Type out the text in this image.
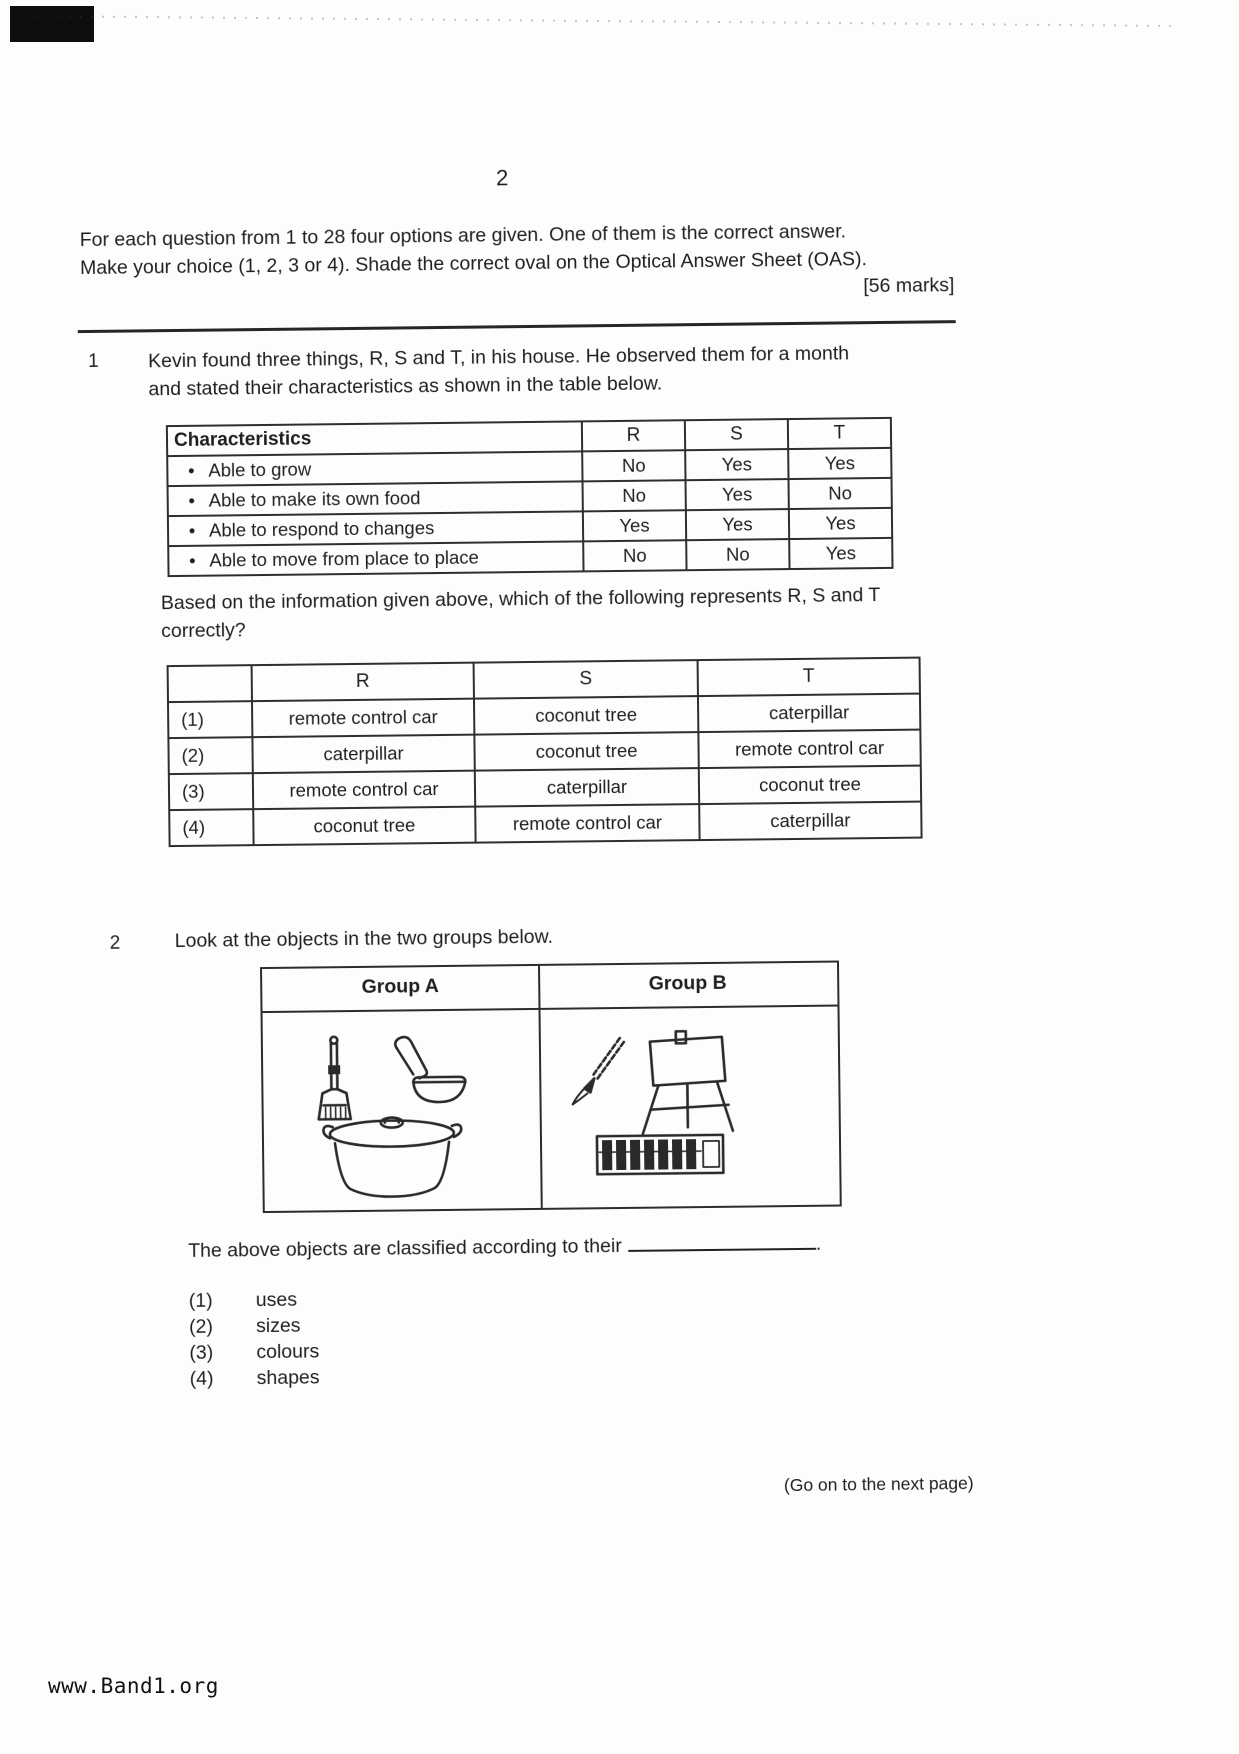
2
For each question from 1 to 28 four options are given. One of them is the correct answer.
Make your choice (1, 2, 3 or 4). Shade the correct oval on the Optical Answer Sheet (OAS).
[56 marks]
1	Kevin found three things, R, S and T, in his house. He observed them for a month
and stated their characteristics as shown in the table below.
Characteristics	R	S	T
• Able to grow	No	Yes	Yes
• Able to make its own food	No	Yes	No
• Able to respond to changes	Yes	Yes	Yes
• Able to move from place to place	No	No	Yes
Based on the information given above, which of the following represents R, S and T
correctly?
	R	S	T
(1)	remote control car	coconut tree	caterpillar
(2)	caterpillar	coconut tree	remote control car
(3)	remote control car	caterpillar	coconut tree
(4)	coconut tree	remote control car	caterpillar
2	Look at the objects in the two groups below.
Group A	Group B
The above objects are classified according to their	.
(1)	uses
(2)	sizes
(3)	colours
(4)	shapes
(Go on to the next page)
www.Band1.org
